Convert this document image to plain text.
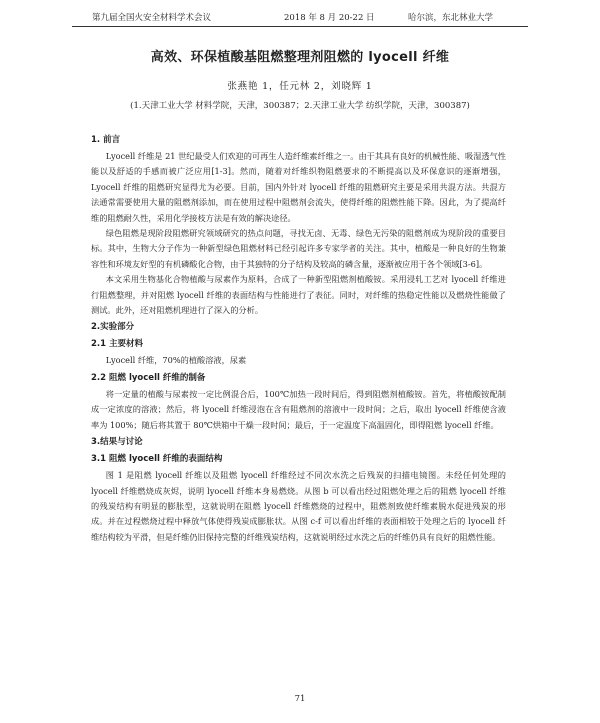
第九届全国火安全材料学术会议	2018 年 8 月 20-22 日	哈尔滨，东北林业大学
高效、环保植酸基阻燃整理剂阻燃的 lyocell 纤维
张燕艳 1，任元林 2，刘晓辉 1
(1.天津工业大学 材料学院，天津，300387；2.天津工业大学 纺织学院，天津，300387)
1. 前言

Lyocell 纤维是 21 世纪最受人们欢迎的可再生人造纤维素纤维之一。由于其具有良好的机械性能、吸湿透气性能以及舒适的手感而被广泛应用[1-3]。然而，随着对纤维织物阻燃要求的不断提高以及环保意识的逐渐增强，Lyocell 纤维的阻燃研究显得尤为必要。目前，国内外针对 lyocell 纤维的阻燃研究主要是采用共混方法。共混方法通常需要使用大量的阻燃剂添加，而在使用过程中阻燃剂会流失，使得纤维的阻燃性能下降。因此，为了提高纤维的阻燃耐久性，采用化学接枝方法是有效的解决途径。

绿色阻燃是现阶段阻燃研究领域研究的热点问题，寻找无卤、无毒、绿色无污染的阻燃剂成为现阶段的重要目标。其中，生物大分子作为一种新型绿色阻燃材料已经引起许多专家学者的关注。其中，植酸是一种良好的生物兼容性和环境友好型的有机磷酸化合物，由于其独特的分子结构及较高的磷含量，逐渐被应用于各个领域[3-6]。

本文采用生物基化合物植酸与尿素作为原料，合成了一种新型阻燃剂植酸铵。采用浸轧工艺对 lyocell 纤维进行阻燃整理，并对阻燃 lyocell 纤维的表面结构与性能进行了表征。同时，对纤维的热稳定性能以及燃烧性能做了测试。此外，还对阻燃机理进行了深入的分析。

2.实验部分
2.1 主要材料

Lyocell 纤维，70%的植酸溶液，尿素

2.2 阻燃 lyocell 纤维的制备

将一定量的植酸与尿素按一定比例混合后，100℃加热一段时间后，得到阻燃剂植酸铵。首先，将植酸铵配制成一定浓度的溶液；然后，将 lyocell 纤维浸泡在含有阻燃剂的溶液中一段时间；之后，取出 lyocell 纤维使含液率为 100%；随后将其置于 80℃烘箱中干燥一段时间；最后，于一定温度下高温固化，即得阻燃 lyocell 纤维。

3.结果与讨论
3.1 阻燃 lyocell 纤维的表面结构

图 1 是阻燃 lyocell 纤维以及阻燃 lyocell 纤维经过不同次水洗之后残炭的扫描电镜图。未经任何处理的 lyocell 纤维燃烧成灰烬，说明 lyocell 纤维本身易燃烧。从图 b 可以看出经过阻燃处理之后的阻燃 lyocell 纤维的残炭结构有明显的膨胀型，这就说明在阻燃 lyocell 纤维燃烧的过程中，阻燃剂致使纤维素脱水促进残炭的形成。并在过程燃烧过程中释放气体使得残炭成膨胀状。从图 c-f 可以看出纤维的表面相较于处理之后的 lyocell 纤维结构较为平滑，但是纤维仍旧保持完整的纤维残炭结构，这就说明经过水洗之后的纤维仍具有良好的阻燃性能。

71
